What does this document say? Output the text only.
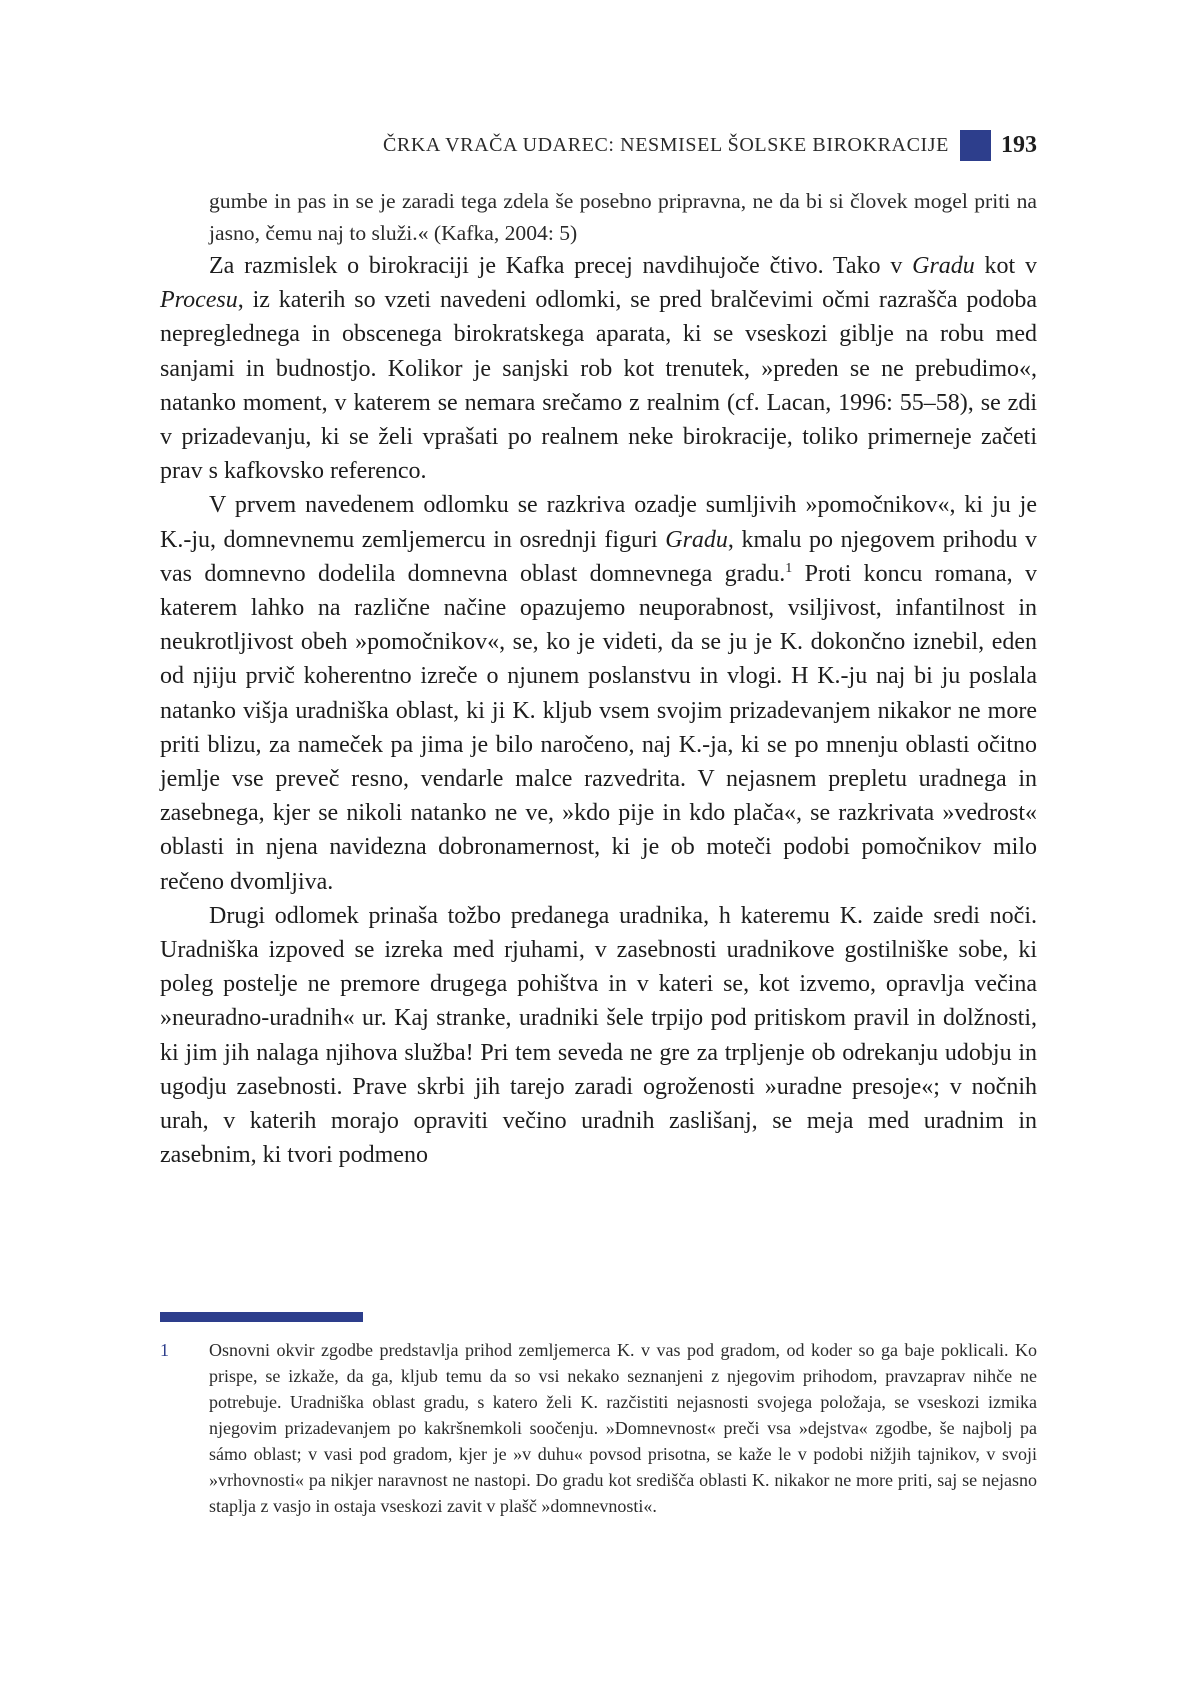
ČRKA VRAČA UDAREC: NESMISEL ŠOLSKE BIROKRACIJE 193

gumbe in pas in se je zaradi tega zdela še posebno pripravna, ne da bi si človek mogel priti na jasno, čemu naj to služi.« (Kafka, 2004: 5)

Za razmislek o birokraciji je Kafka precej navdihujoče čtivo. Tako v Gradu kot v Procesu, iz katerih so vzeti navedeni odlomki, se pred bralčevimi očmi razrašča podoba nepreglednega in obscenega birokratskega aparata, ki se vseskozi giblje na robu med sanjami in budnostjo. Kolikor je sanjski rob kot trenutek, »preden se ne prebudimo«, natanko moment, v katerem se nemara srečamo z realnim (cf. Lacan, 1996: 55–58), se zdi v prizadevanju, ki se želi vprašati po realnem neke birokracije, toliko primerneje začeti prav s kafkovsko referenco.

V prvem navedenem odlomku se razkriva ozadje sumljivih »pomočnikov«, ki ju je K.-ju, domnevnemu zemljemercu in osrednji figuri Gradu, kmalu po njegovem prihodu v vas domnevno dodelila domnevna oblast domnevnega gradu.$^1$ Proti koncu romana, v katerem lahko na različne načine opazujemo neuporabnost, vsiljivost, infantilnost in neukrotljivost obeh »pomočnikov«, se, ko je videti, da se ju je K. dokončno iznebil, eden od njiju prvič koherentno izreče o njunem poslanstvu in vlogi. H K.-ju naj bi ju poslala natanko višja uradniška oblast, ki ji K. kljub vsem svojim prizadevanjem nikakor ne more priti blizu, za nameček pa jima je bilo naročeno, naj K.-ja, ki se po mnenju oblasti očitno jemlje vse preveč resno, vendarle malce razvedrita. V nejasnem prepletu uradnega in zasebnega, kjer se nikoli natanko ne ve, »kdo pije in kdo plača«, se razkrivata »vedrost« oblasti in njena navidezna dobronamernost, ki je ob moteči podobi pomočnikov milo rečeno dvomljiva.

Drugi odlomek prinaša tožbo predanega uradnika, h kateremu K. zaide sredi noči. Uradniška izpoved se izreka med rjuhami, v zasebnosti uradnikove gostilniške sobe, ki poleg postelje ne premore drugega pohištva in v kateri se, kot izvemo, opravlja večina »neuradno-uradnih« ur. Kaj stranke, uradniki šele trpijo pod pritiskom pravil in dolžnosti, ki jim jih nalaga njihova služba! Pri tem seveda ne gre za trpljenje ob odrekanju udobju in ugodju zasebnosti. Prave skrbi jih tarejo zaradi ogroženosti »uradne presoje«; v nočnih urah, v katerih morajo opraviti večino uradnih zaslišanj, se meja med uradnim in zasebnim, ki tvori podmeno

1	Osnovni okvir zgodbe predstavlja prihod zemljemerca K. v vas pod gradom, od koder so ga baje poklicali. Ko prispe, se izkaže, da ga, kljub temu da so vsi nekako seznanjeni z njegovim prihodom, pravzaprav nihče ne potrebuje. Uradniška oblast gradu, s katero želi K. razčistiti nejasnosti svojega položaja, se vseskozi izmika njegovim prizadevanjem po kakršnemkoli soočenju. »Domnevnost« preči vsa »dejstva« zgodbe, še najbolj pa sámo oblast; v vasi pod gradom, kjer je »v duhu« povsod prisotna, se kaže le v podobi nižjih tajnikov, v svoji »vrhovnosti« pa nikjer naravnost ne nastopi. Do gradu kot središča oblasti K. nikakor ne more priti, saj se nejasno staplja z vasjo in ostaja vseskozi zavit v plašč »domnevnosti«.
